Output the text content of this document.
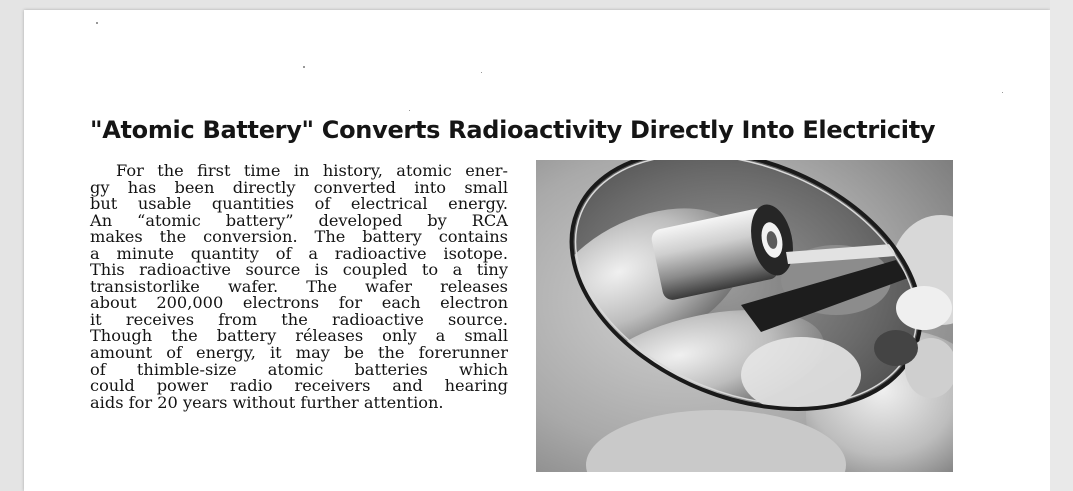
"Atomic Battery" Converts Radioactivity Directly Into Electricity
For the first time in history, atomic ener-
gy has been directly converted into small
but usable quantities of electrical energy.
An “atomic battery” developed by RCA
makes the conversion. The battery contains
a minute quantity of a radioactive isotope.
This radioactive source is coupled to a tiny
transistorlike wafer. The wafer releases
about 200,000 electrons for each electron
it receives from the radioactive source.
Though the battery réleases only a small
amount of energy, it may be the forerunner
of thimble-size atomic batteries which
could power radio receivers and hearing
aids for 20 years without further attention.
